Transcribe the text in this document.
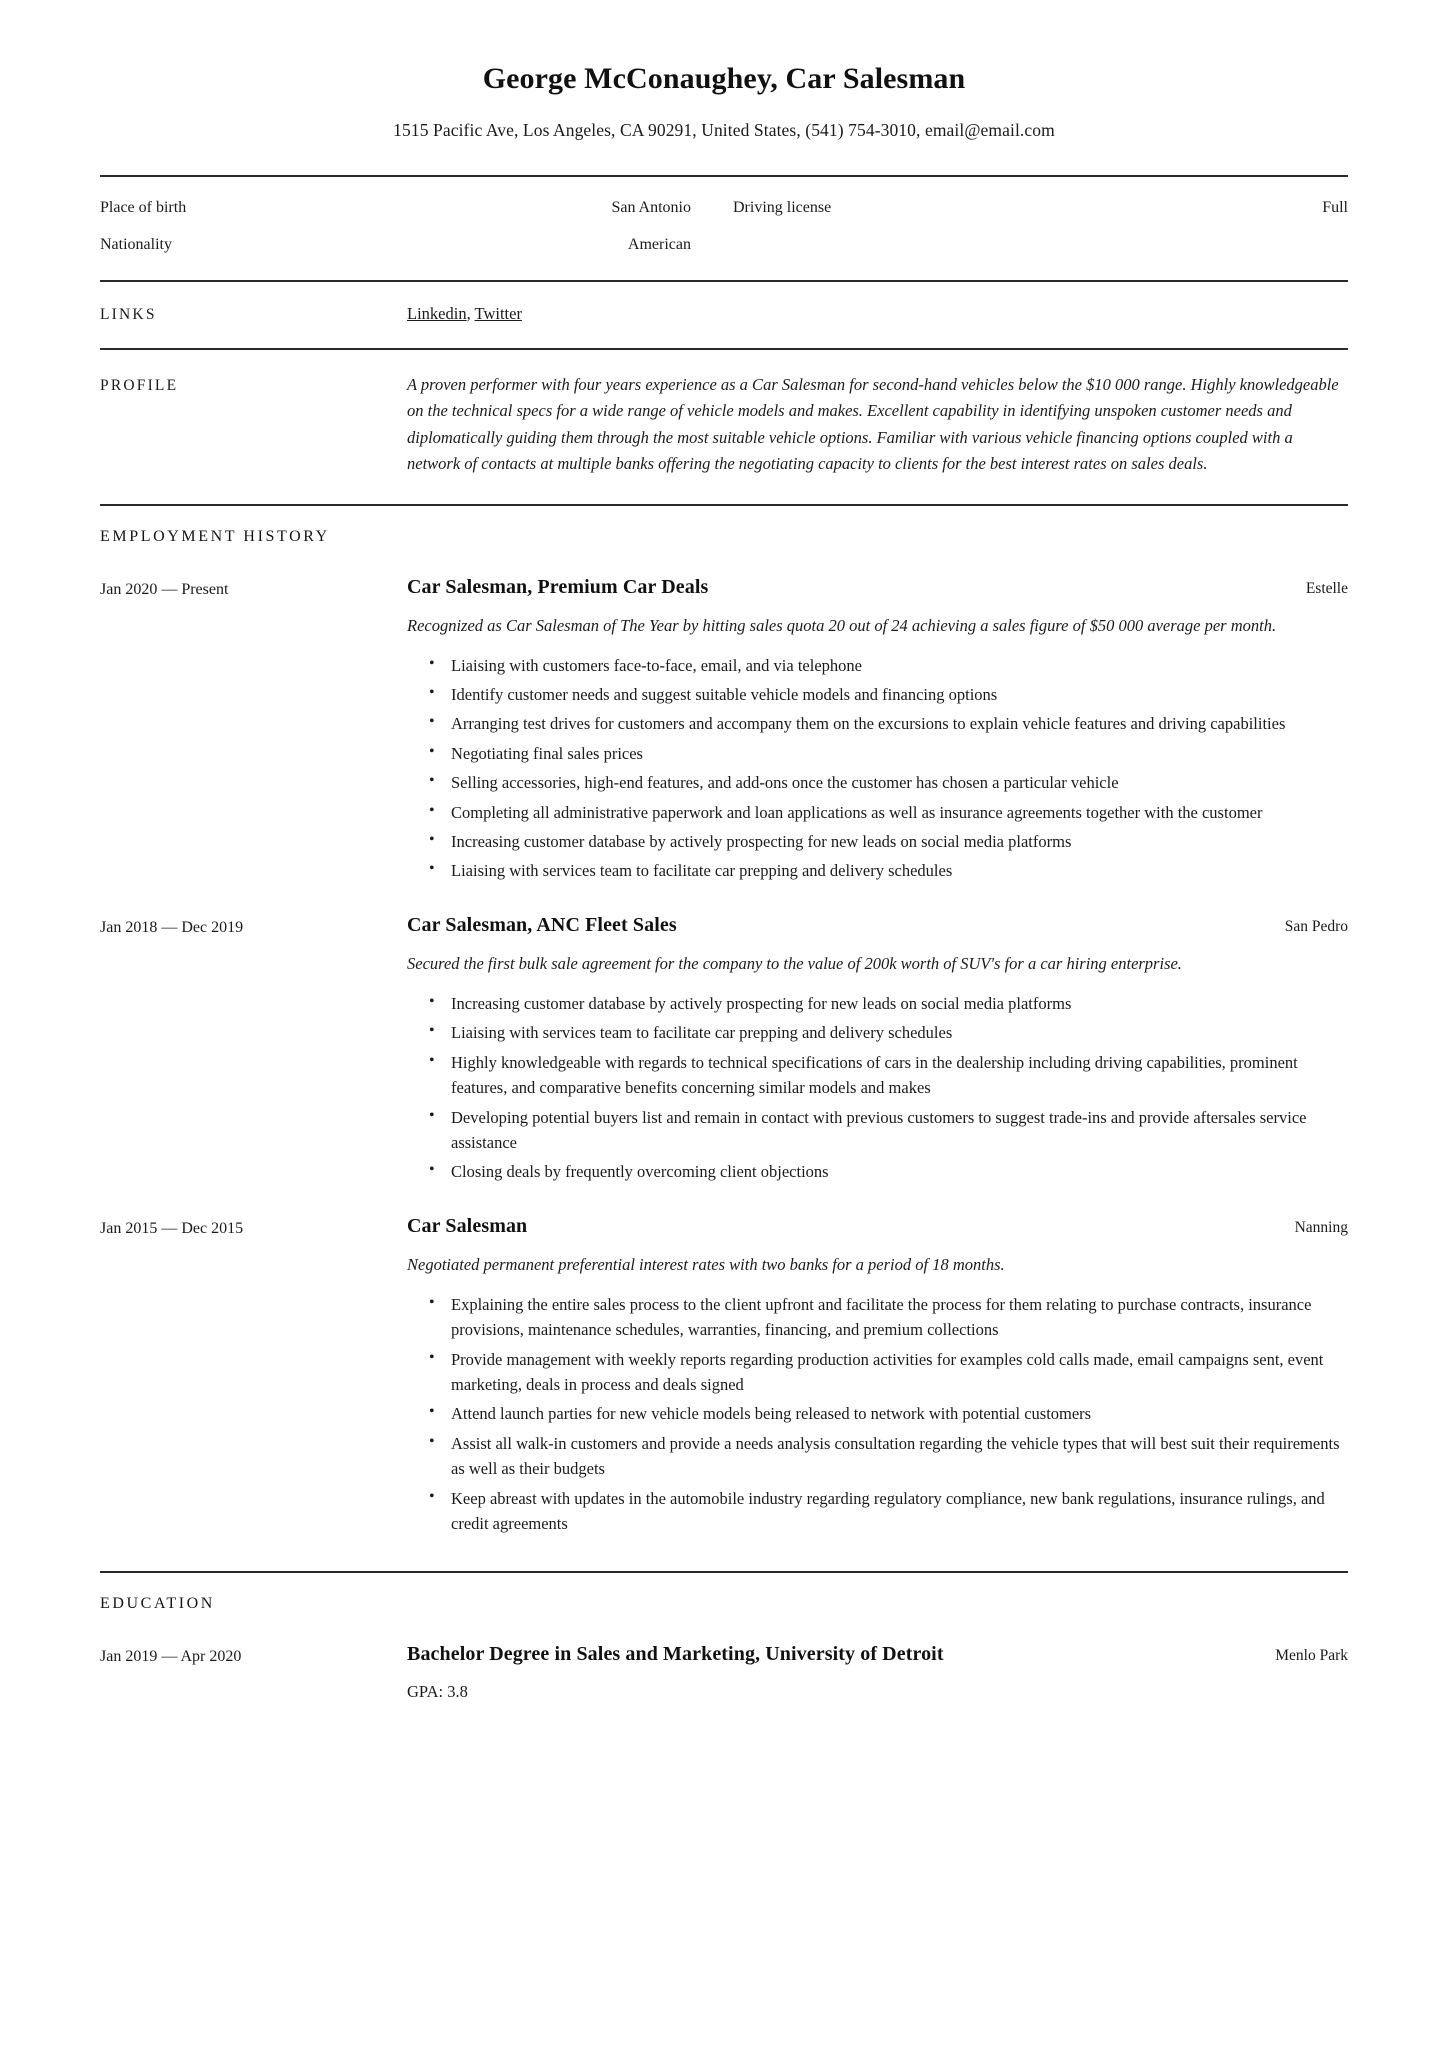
George McConaughey, Car Salesman
1515 Pacific Ave, Los Angeles, CA 90291, United States, (541) 754-3010, email@email.com
Place of birth	San Antonio	Driving license	Full
Nationality	American
LINKS	Linkedin, Twitter
PROFILE	A proven performer with four years experience as a Car Salesman for second-hand vehicles below the $10 000 range. Highly knowledgeable on the technical specs for a wide range of vehicle models and makes. Excellent capability in identifying unspoken customer needs and diplomatically guiding them through the most suitable vehicle options. Familiar with various vehicle financing options coupled with a network of contacts at multiple banks offering the negotiating capacity to clients for the best interest rates on sales deals.

EMPLOYMENT HISTORY
Jan 2020 — Present	Car Salesman, Premium Car Deals	Estelle

Recognized as Car Salesman of The Year by hitting sales quota 20 out of 24 achieving a sales figure of $50 000 average per month.

• Liaising with customers face-to-face, email, and via telephone
• Identify customer needs and suggest suitable vehicle models and financing options
• Arranging test drives for customers and accompany them on the excursions to explain vehicle features and driving capabilities
• Negotiating final sales prices
• Selling accessories, high-end features, and add-ons once the customer has chosen a particular vehicle
• Completing all administrative paperwork and loan applications as well as insurance agreements together with the customer
• Increasing customer database by actively prospecting for new leads on social media platforms
• Liaising with services team to facilitate car prepping and delivery schedules
Jan 2018 — Dec 2019	Car Salesman, ANC Fleet Sales	San Pedro

Secured the first bulk sale agreement for the company to the value of 200k worth of SUV's for a car hiring enterprise.

• Increasing customer database by actively prospecting for new leads on social media platforms
• Liaising with services team to facilitate car prepping and delivery schedules
• Highly knowledgeable with regards to technical specifications of cars in the dealership including driving capabilities, prominent features, and comparative benefits concerning similar models and makes
• Developing potential buyers list and remain in contact with previous customers to suggest trade-ins and provide aftersales service assistance
• Closing deals by frequently overcoming client objections
Jan 2015 — Dec 2015	Car Salesman	Nanning

Negotiated permanent preferential interest rates with two banks for a period of 18 months.

• Explaining the entire sales process to the client upfront and facilitate the process for them relating to purchase contracts, insurance provisions, maintenance schedules, warranties, financing, and premium collections
• Provide management with weekly reports regarding production activities for examples cold calls made, email campaigns sent, event marketing, deals in process and deals signed
• Attend launch parties for new vehicle models being released to network with potential customers
• Assist all walk-in customers and provide a needs analysis consultation regarding the vehicle types that will best suit their requirements as well as their budgets
• Keep abreast with updates in the automobile industry regarding regulatory compliance, new bank regulations, insurance rulings, and credit agreements
EDUCATION
Jan 2019 — Apr 2020	Bachelor Degree in Sales and Marketing, University of Detroit	Menlo Park

GPA: 3.8
